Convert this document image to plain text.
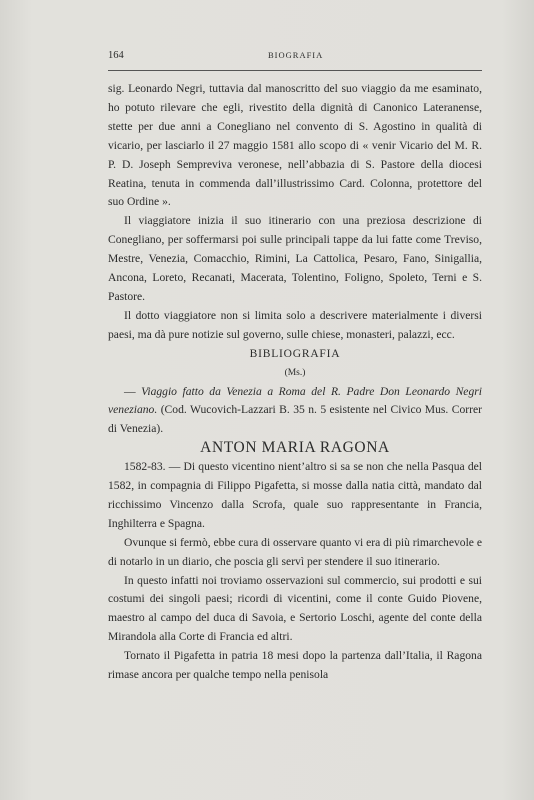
164	BIOGRAFIA

sig. Leonardo Negri, tuttavia dal manoscritto del suo viaggio da me esaminato, ho potuto rilevare che egli, rivestito della dignità di Canonico Lateranense, stette per due anni a Conegliano nel convento di S. Agostino in qualità di vicario, per lasciarlo il 27 maggio 1581 allo scopo di « venir Vicario del M. R. P. D. Joseph Sempreviva veronese, nell’abbazia di S. Pastore della diocesi Reatina, tenuta in commenda dall’illustrissimo Card. Colonna, protettore del suo Ordine ».

Il viaggiatore inizia il suo itinerario con una preziosa descrizione di Conegliano, per soffermarsi poi sulle principali tappe da lui fatte come Treviso, Mestre, Venezia, Comacchio, Rimini, La Cattolica, Pesaro, Fano, Sinigallia, Ancona, Loreto, Recanati, Macerata, Tolentino, Foligno, Spoleto, Terni e S. Pastore.

Il dotto viaggiatore non si limita solo a descrivere materialmente i diversi paesi, ma dà pure notizie sul governo, sulle chiese, monasteri, palazzi, ecc.

BIBLIOGRAFIA

(Ms.)

— Viaggio fatto da Venezia a Roma del R. Padre Don Leonardo Negri veneziano. (Cod. Wucovich-Lazzari B. 35 n. 5 esistente nel Civico Mus. Correr di Venezia).

ANTON MARIA RAGONA

1582-83. — Di questo vicentino nient’altro si sa se non che nella Pasqua del 1582, in compagnia di Filippo Pigafetta, si mosse dalla natia città, mandato dal ricchissimo Vincenzo dalla Scrofa, quale suo rappresentante in Francia, Inghilterra e Spagna.

Ovunque si fermò, ebbe cura di osservare quanto vi era di più rimarchevole e di notarlo in un diario, che poscia gli servì per stendere il suo itinerario.

In questo infatti noi troviamo osservazioni sul commercio, sui prodotti e sui costumi dei singoli paesi; ricordi di vicentini, come il conte Guido Piovene, maestro al campo del duca di Savoia, e Sertorio Loschi, agente del conte della Mirandola alla Corte di Francia ed altri.

Tornato il Pigafetta in patria 18 mesi dopo la partenza dall’Italia, il Ragona rimase ancora per qualche tempo nella penisola
